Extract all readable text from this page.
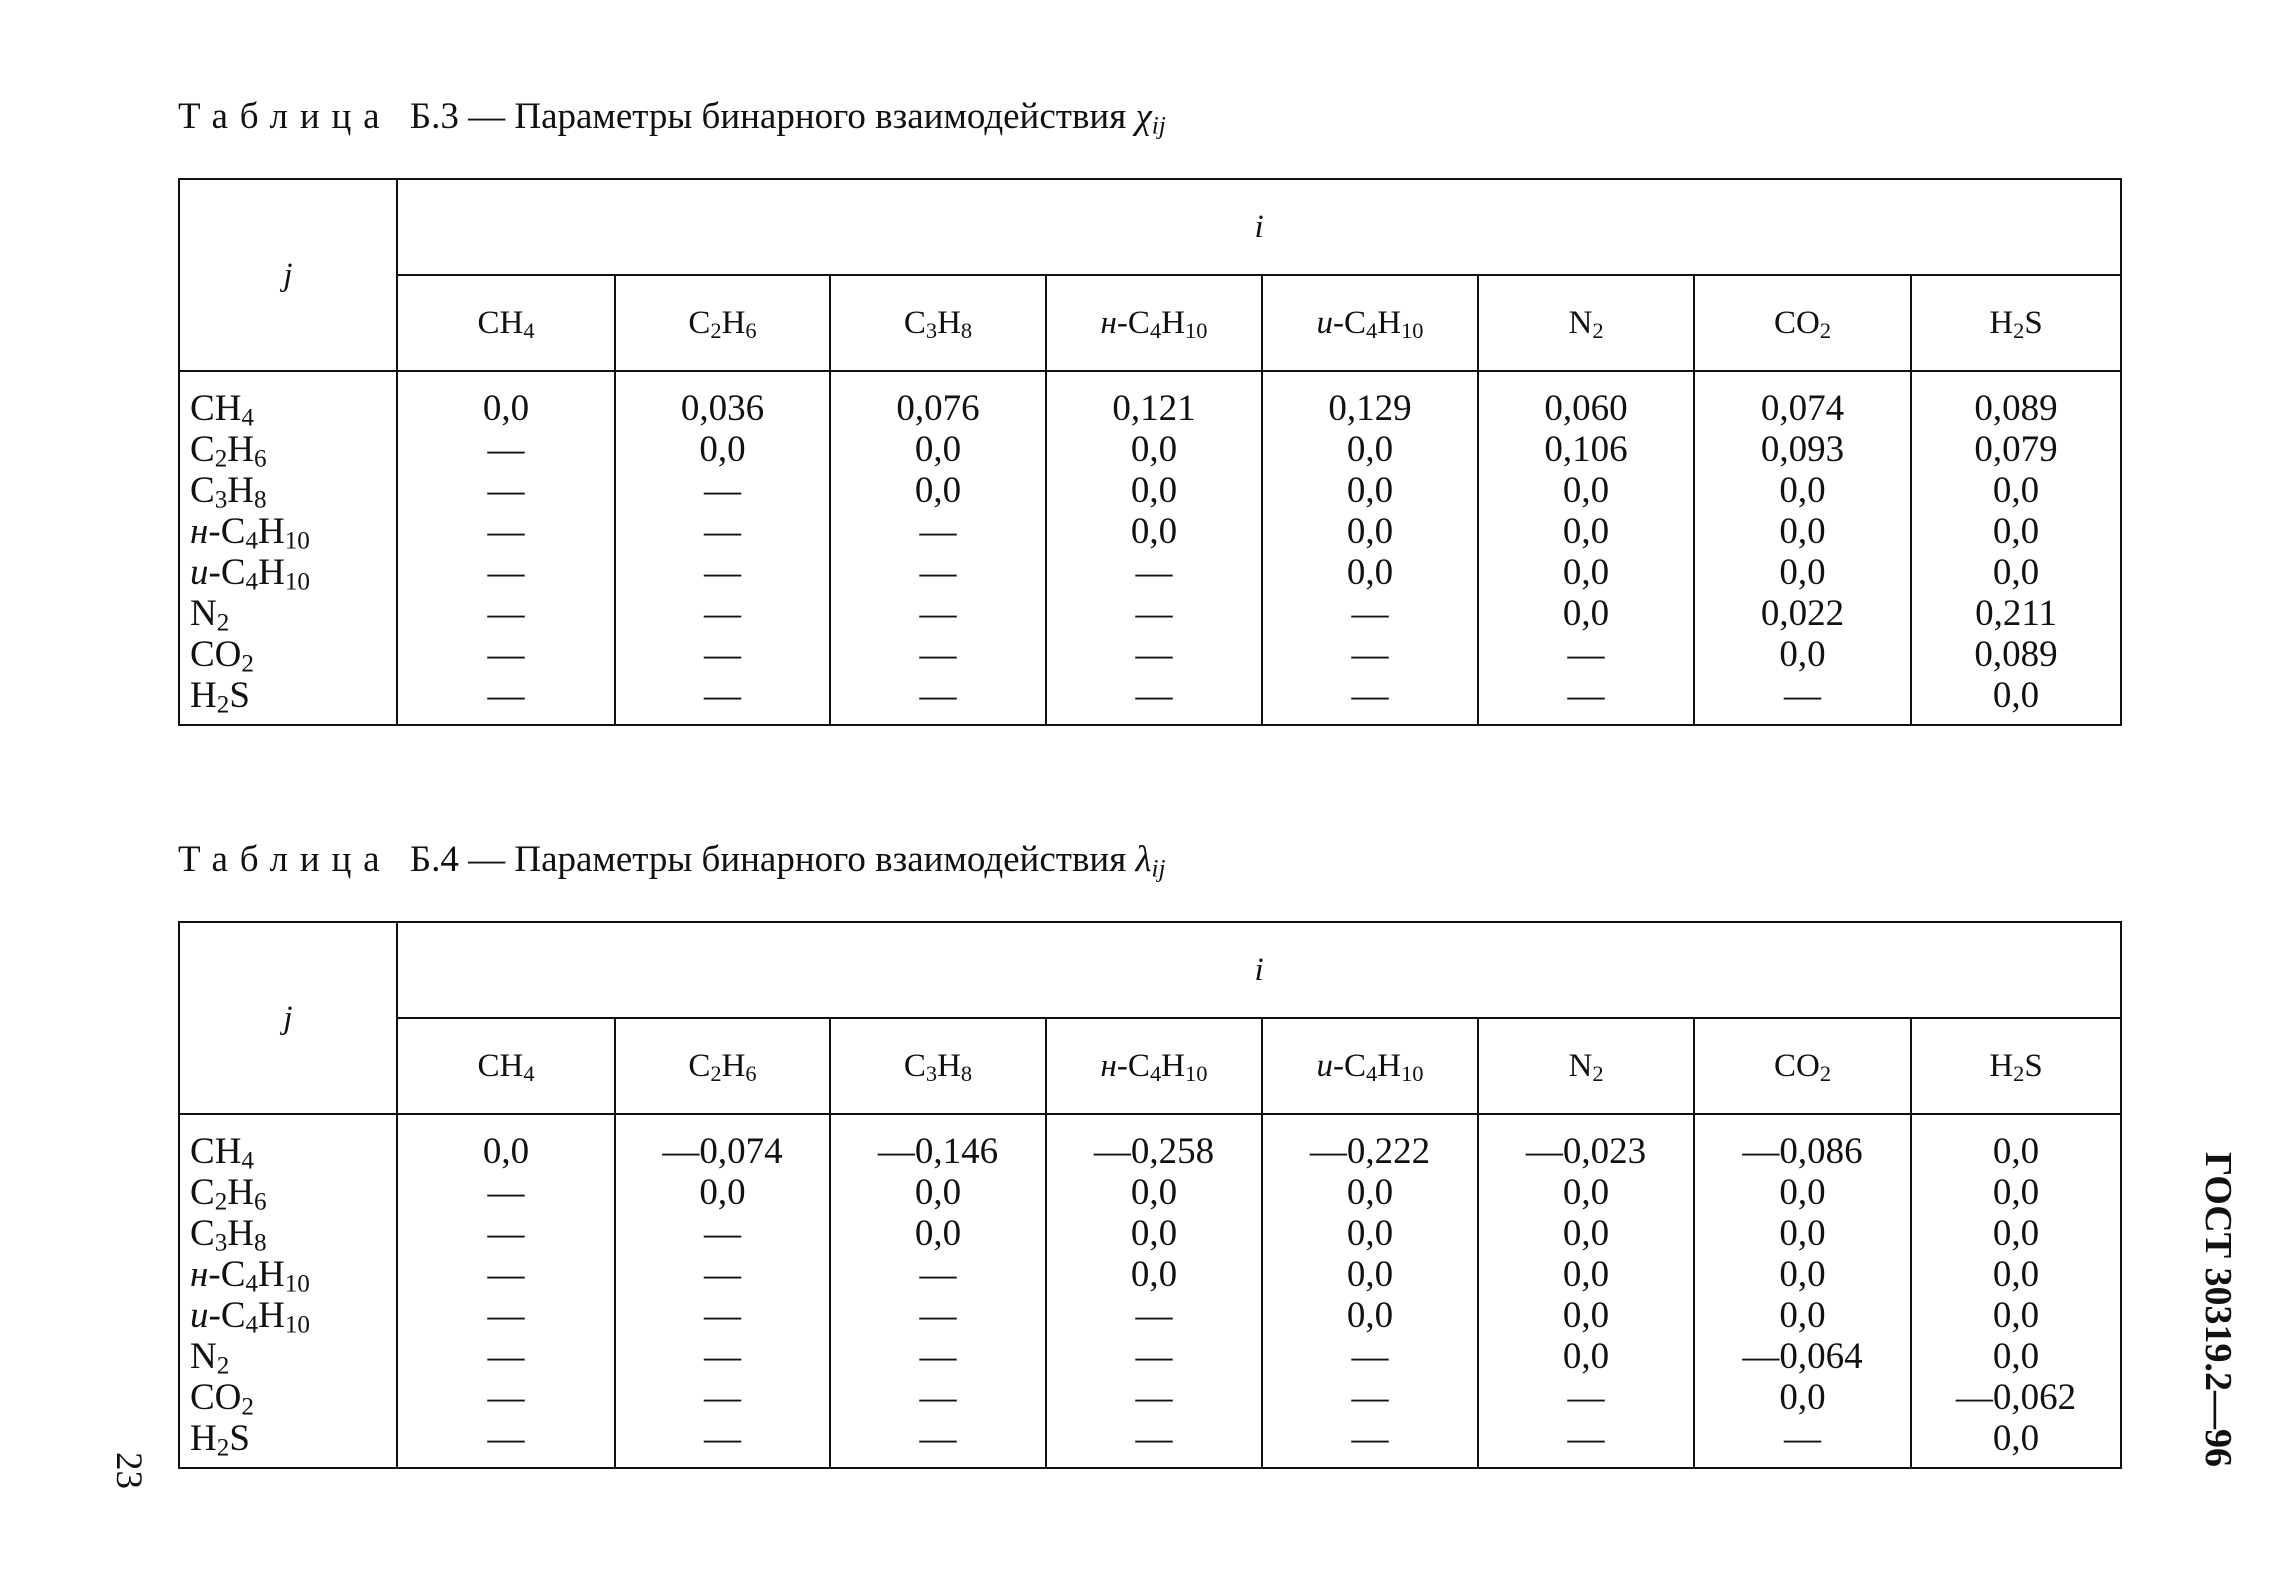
Таблица Б.3 — Параметры бинарного взаимодействия $\chi_{ij}$
j	i							
	$CH_4$	$C_2H_6$	$C_3H_8$	$н-C_4H_{10}$	$и-C_4H_{10}$	$N_2$	$CO_2$	$H_2S$
$CH_4$	0,0	0,036	0,076	0,121	0,129	0,060	0,074	0,089
$C_2H_6$	—	0,0	0,0	0,0	0,0	0,106	0,093	0,079
$C_3H_8$	—	—	0,0	0,0	0,0	0,0	0,0	0,0
$н-C_4H_{10}$	—	—	—	0,0	0,0	0,0	0,0	0,0
$и-C_4H_{10}$	—	—	—	—	0,0	0,0	0,0	0,0
$N_2$	—	—	—	—	—	0,0	0,022	0,211
$CO_2$	—	—	—	—	—	—	0,0	0,089
$H_2S$	—	—	—	—	—	—	—	0,0
Таблица Б.4 — Параметры бинарного взаимодействия $\lambda_{ij}$
j	i							
	$CH_4$	$C_2H_6$	$C_3H_8$	$н-C_4H_{10}$	$и-C_4H_{10}$	$N_2$	$CO_2$	$H_2S$
$CH_4$	0,0	—0,074	—0,146	—0,258	—0,222	—0,023	—0,086	0,0
$C_2H_6$	—	0,0	0,0	0,0	0,0	0,0	0,0	0,0
$C_3H_8$	—	—	0,0	0,0	0,0	0,0	0,0	0,0
$н-C_4H_{10}$	—	—	—	0,0	0,0	0,0	0,0	0,0
$и-C_4H_{10}$	—	—	—	—	0,0	0,0	0,0	0,0
$N_2$	—	—	—	—	—	0,0	—0,064	0,0
$CO_2$	—	—	—	—	—	—	0,0	—0,062
$H_2S$	—	—	—	—	—	—	—	0,0	ГОСТ 30319.2—96
23
